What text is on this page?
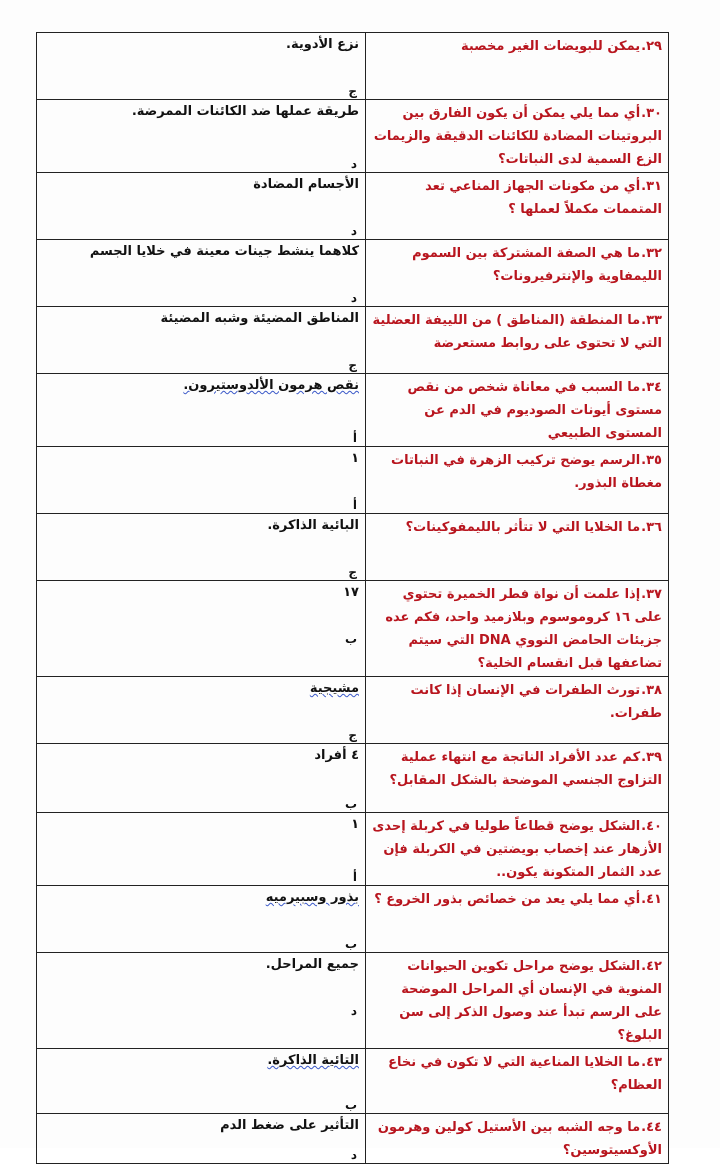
٢٩.يمكن للبويضات الغير مخصبة	نزع الأدوية.
ج

٣٠.أي مما يلي يمكن أن يكون الفارق بين البروتينات المضادة للكائنات الدقيقة والزيمات الزع السمية لدى النباتات؟	طريقة عملها ضد الكائنات الممرضة.
د

٣١.أي من مكونات الجهاز المناعي تعد المتممات مكملاً لعملها ؟	الأجسام المضادة
د

٣٢.ما هي الصفة المشتركة بين السموم الليمفاوية والإنترفيرونات؟	كلاهما ينشط جينات معينة في خلايا الجسم
د

٣٣.ما المنطقة (المناطق ) من اللييفة العضلية التي لا تحتوى على روابط مستعرضة	المناطق المضيئة وشبه المضيئة
ج

٣٤.ما السبب في معاناة شخص من نقص مستوى أيونات الصوديوم في الدم عن المستوى الطبيعي	نقص هرمون الألدوستيرون.
أ

٣٥.الرسم يوضح تركيب الزهرة في النباتات مغطاة البذور.	١
أ

٣٦.ما الخلايا التي لا تتأثر بالليمفوكينات؟	البائية الذاكرة.
ج

٣٧.إذا علمت أن نواة فطر الخميرة تحتوي على ١٦ كروموسوم وبلازميد واحد، فكم عده جزيئات الحامض النووي DNA التي سيتم تضاعفها قبل انقسام الخلية؟	١٧
ب

٣٨.تورث الطفرات في الإنسان إذا كانت طفرات.	مشيجية
ج

٣٩.كم عدد الأفراد الناتجة مع انتهاء عملية التزاوج الجنسي الموضحة بالشكل المقابل؟	٤ أفراد
ب

٤٠.الشكل يوضح قطاعاً طوليا في كربلة إحدى الأزهار عند إخصاب بويضتين في الكربلة فإن عدد الثمار المتكونة يكون..	١
أ

٤١.أي مما يلي يعد من خصائص بذور الخروع ؟	بذور وسبيرميه
ب

٤٢.الشكل يوضح مراحل تكوين الحيوانات المنوية في الإنسان أي المراحل الموضحة على الرسم تبدأ عند وصول الذكر إلى سن البلوغ؟	جميع المراحل.
د

٤٣.ما الخلايا المناعية التي لا تكون في نخاع العظام؟	التائية الذاكرة.
ب

٤٤.ما وجه الشبه بين الأستيل كولين وهرمون الأوكسيتوسين؟	التأثير على ضغط الدم
د
